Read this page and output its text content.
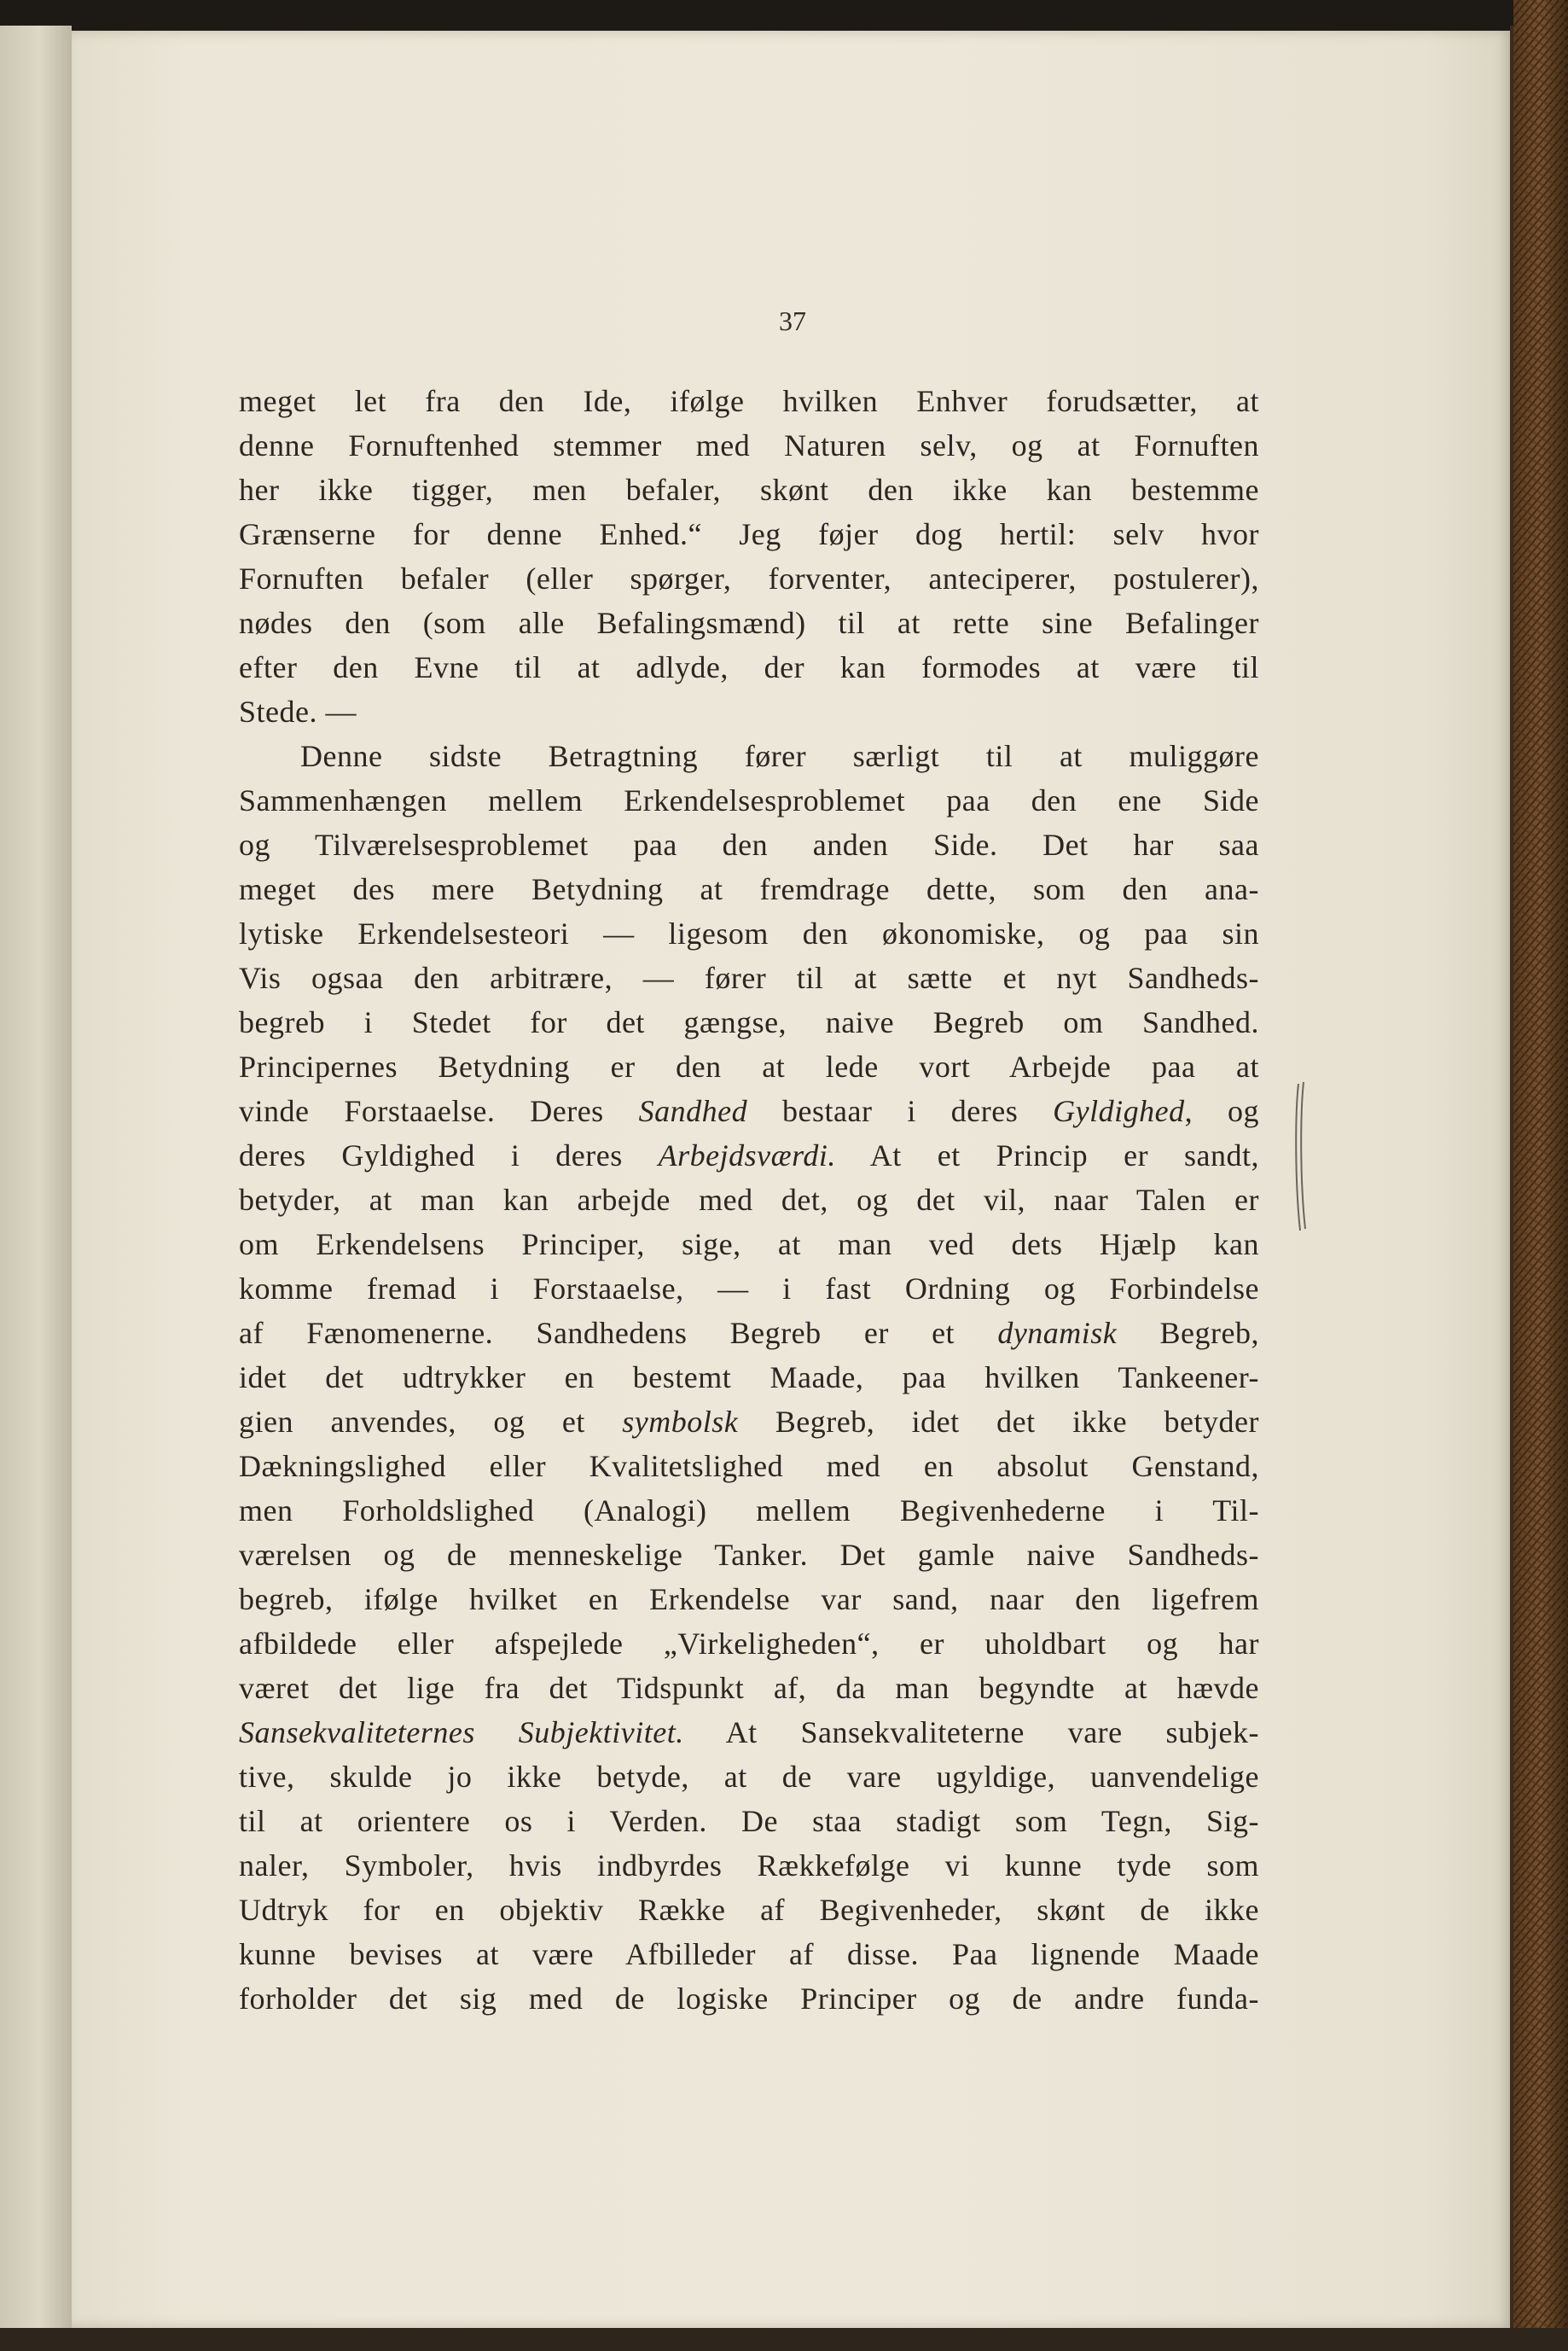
37
meget let fra den Ide, ifølge hvilken Enhver forudsætter, at
denne Fornuftenhed stemmer med Naturen selv, og at Fornuften
her ikke tigger, men befaler, skønt den ikke kan bestemme
Grænserne for denne Enhed.“ Jeg føjer dog hertil: selv hvor
Fornuften befaler (eller spørger, forventer, anteciperer, postulerer),
nødes den (som alle Befalingsmænd) til at rette sine Befalinger
efter den Evne til at adlyde, der kan formodes at være til
Stede. —
Denne sidste Betragtning fører særligt til at muliggøre
Sammenhængen mellem Erkendelsesproblemet paa den ene Side
og Tilværelsesproblemet paa den anden Side. Det har saa
meget des mere Betydning at fremdrage dette, som den ana-
lytiske Erkendelsesteori — ligesom den økonomiske, og paa sin
Vis ogsaa den arbitrære, — fører til at sætte et nyt Sandheds-
begreb i Stedet for det gængse, naive Begreb om Sandhed.
Principernes Betydning er den at lede vort Arbejde paa at
vinde Forstaaelse. Deres Sandhed bestaar i deres Gyldighed, og
deres Gyldighed i deres Arbejdsværdi. At et Princip er sandt,
betyder, at man kan arbejde med det, og det vil, naar Talen er
om Erkendelsens Principer, sige, at man ved dets Hjælp kan
komme fremad i Forstaaelse, — i fast Ordning og Forbindelse
af Fænomenerne. Sandhedens Begreb er et dynamisk Begreb,
idet det udtrykker en bestemt Maade, paa hvilken Tankeener-
gien anvendes, og et symbolsk Begreb, idet det ikke betyder
Dækningslighed eller Kvalitetslighed med en absolut Genstand,
men Forholdslighed (Analogi) mellem Begivenhederne i Til-
værelsen og de menneskelige Tanker. Det gamle naive Sandheds-
begreb, ifølge hvilket en Erkendelse var sand, naar den ligefrem
afbildede eller afspejlede „Virkeligheden“, er uholdbart og har
været det lige fra det Tidspunkt af, da man begyndte at hævde
Sansekvaliteternes Subjektivitet. At Sansekvaliteterne vare subjek-
tive, skulde jo ikke betyde, at de vare ugyldige, uanvendelige
til at orientere os i Verden. De staa stadigt som Tegn, Sig-
naler, Symboler, hvis indbyrdes Rækkefølge vi kunne tyde som
Udtryk for en objektiv Række af Begivenheder, skønt de ikke
kunne bevises at være Afbilleder af disse. Paa lignende Maade
forholder det sig med de logiske Principer og de andre funda-
